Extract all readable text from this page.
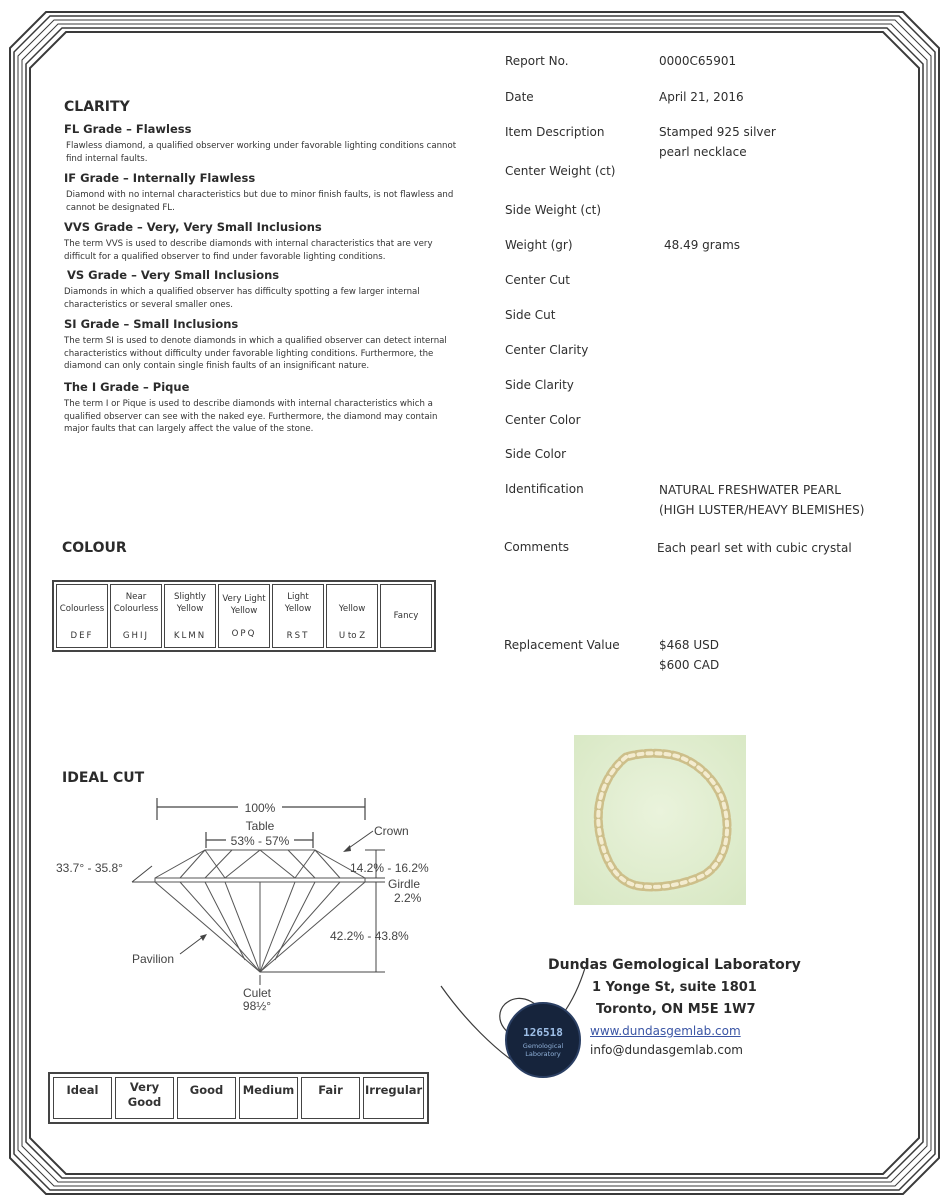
CLARITY
FL Grade – Flawless
Flawless diamond, a qualified observer working under favorable lighting conditions cannot find internal faults.
IF Grade – Internally Flawless
Diamond with no internal characteristics but due to minor finish faults, is not flawless and cannot be designated FL.
VVS Grade – Very, Very Small Inclusions
The term VVS is used to describe diamonds with internal characteristics that are very difficult for a qualified observer to find under favorable lighting conditions.
VS Grade – Very Small Inclusions
Diamonds in which a qualified observer has difficulty spotting a few larger internal characteristics or several smaller ones.
SI Grade – Small Inclusions
The term SI is used to denote diamonds in which a qualified observer can detect internal characteristics without difficulty under favorable lighting conditions. Furthermore, the diamond can only contain single finish faults of an insignificant nature.
The I Grade – Pique
The term I or Pique is used to describe diamonds with internal characteristics which a qualified observer can see with the naked eye. Furthermore, the diamond may contain major faults that can largely affect the value of the stone.
COLOUR
Colourless
DEF

Near Colourless
GHIJ

Slightly Yellow
KLMN

Very Light Yellow
OPQ

Light Yellow
RST

Yellow
U to Z
	Fancy
IDEAL CUT
100%
Table
53% - 57%
Crown
33.7° - 35.8°	14.2% - 16.2%
Girdle
2.2%
42.2% - 43.8%
Pavilion
Culet
98½°
Ideal	Very Good	Good	Medium	Fair	Irregular
Report No.	0000C65901
Date	April 21, 2016
Item Description	Stamped 925 silver pearl necklace
Center Weight (ct)
Side Weight (ct)
Weight (gr)	48.49 grams
Center Cut
Side Cut
Center Clarity
Side Clarity
Center Color
Side Color
Identification	NATURAL FRESHWATER PEARL (HIGH LUSTER/HEAVY BLEMISHES)
Comments	Each pearl set with cubic crystal
Replacement Value	$468 USD $600 CAD
Dundas Gemological Laboratory
1 Yonge St, suite 1801
Toronto, ON M5E 1W7
www.dundasgemlab.com
info@dundasgemlab.com
126518
Gemological Laboratory
